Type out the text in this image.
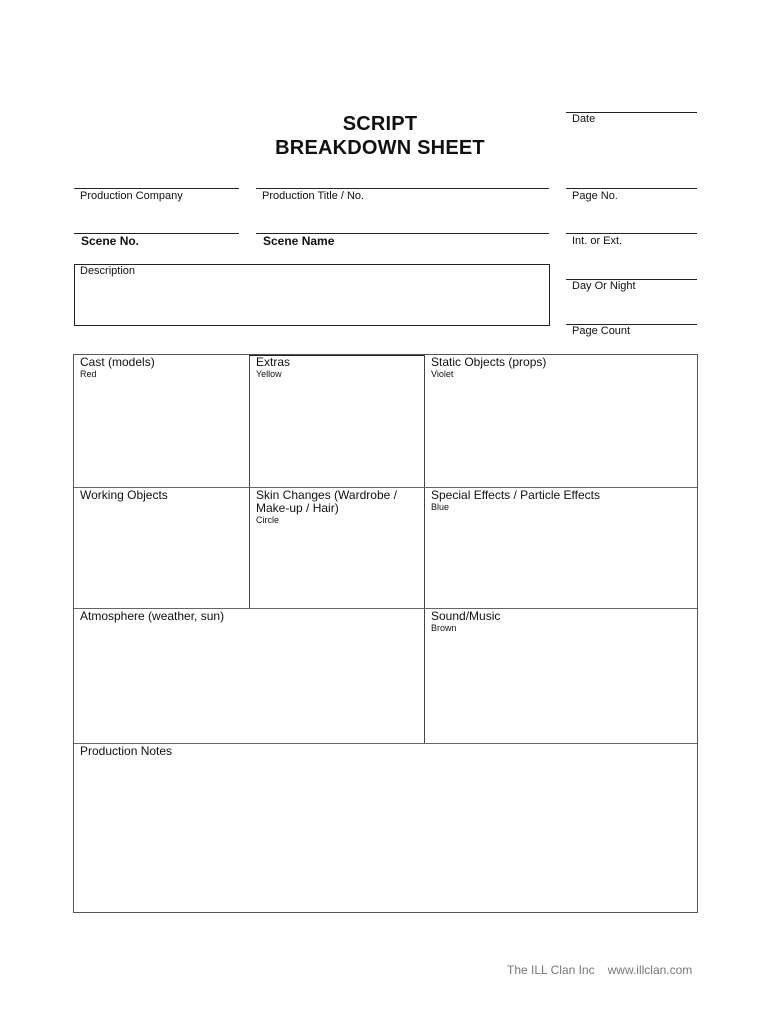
SCRIPT
BREAKDOWN SHEET
Date
Production Company	Production Title / No.	Page No.
Scene No.	Scene Name	Int. or Ext.
Description
Day Or Night
Page Count
Cast (models)
Red
Extras
Yellow
Static Objects (props)
Violet
Working Objects	Skin Changes (Wardrobe / Make-up / Hair)
Circle
Special Effects / Particle Effects
Blue
Atmosphere (weather, sun)	Sound/Music
Brown
Production Notes
The ILL Clan Inc www.illclan.com
